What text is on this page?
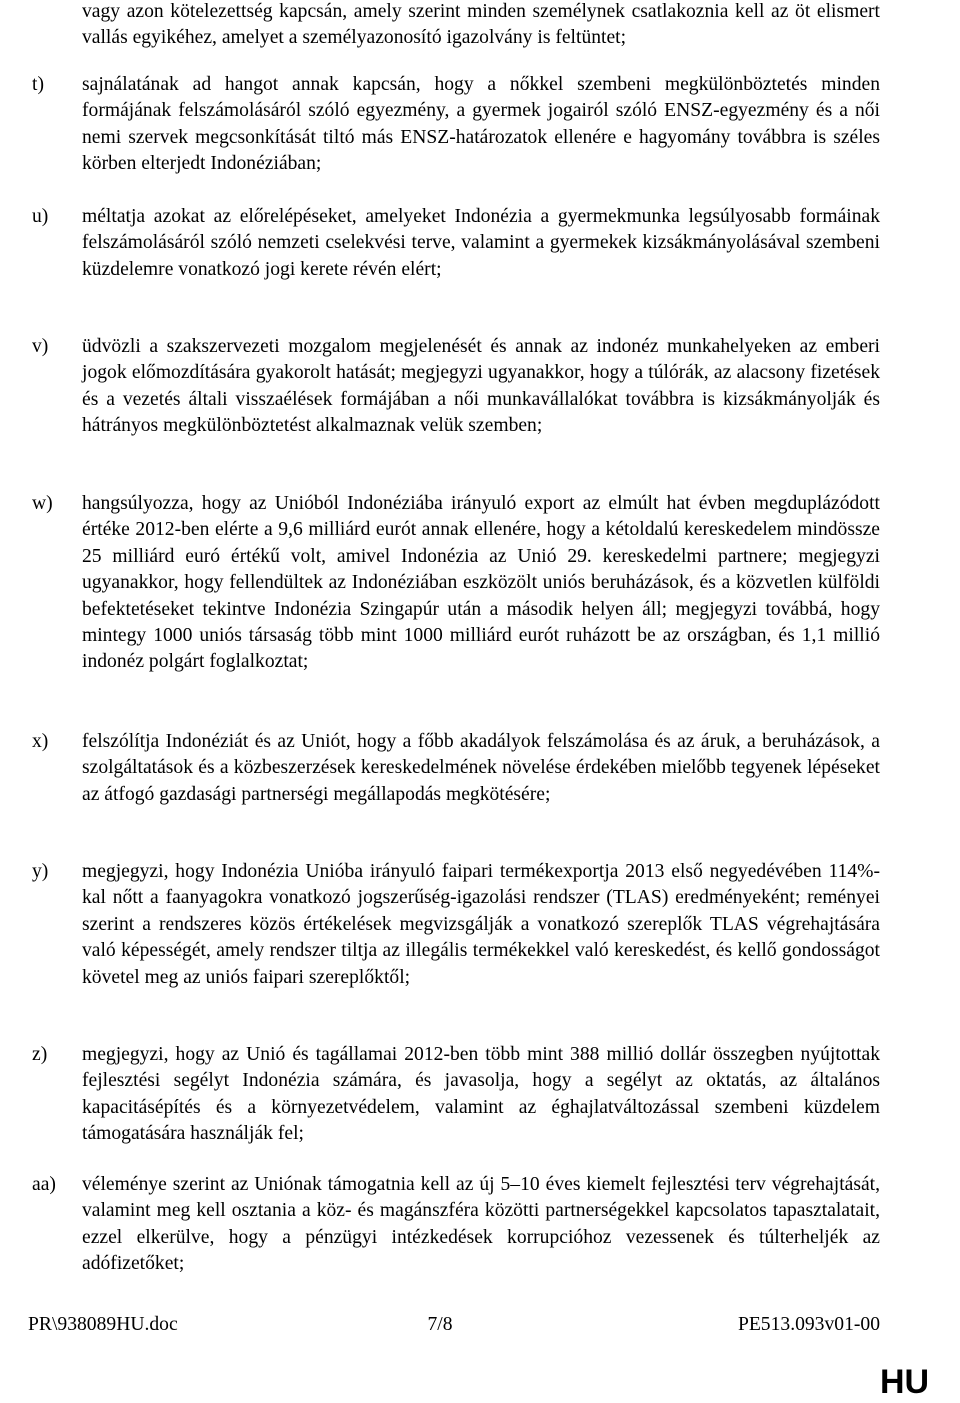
vagy azon kötelezettség kapcsán, amely szerint minden személynek csatlakoznia kell az öt elismert vallás egyikéhez, amelyet a személyazonosító igazolvány is feltüntet;
t)	sajnálatának ad hangot annak kapcsán, hogy a nőkkel szembeni megkülönböztetés minden formájának felszámolásáról szóló egyezmény, a gyermek jogairól szóló ENSZ-egyezmény és a női nemi szervek megcsonkítását tiltó más ENSZ-határozatok ellenére e hagyomány továbbra is széles körben elterjedt Indonéziában;
u)	méltatja azokat az előrelépéseket, amelyeket Indonézia a gyermekmunka legsúlyosabb formáinak felszámolásáról szóló nemzeti cselekvési terve, valamint a gyermekek kizsákmányolásával szembeni küzdelemre vonatkozó jogi kerete révén elért;
v)	üdvözli a szakszervezeti mozgalom megjelenését és annak az indonéz munkahelyeken az emberi jogok előmozdítására gyakorolt hatását; megjegyzi ugyanakkor, hogy a túlórák, az alacsony fizetések és a vezetés általi visszaélések formájában a női munkavállalókat továbbra is kizsákmányolják és hátrányos megkülönböztetést alkalmaznak velük szemben;
w)	hangsúlyozza, hogy az Unióból Indonéziába irányuló export az elmúlt hat évben megduplázódott értéke 2012-ben elérte a 9,6 milliárd eurót annak ellenére, hogy a kétoldalú kereskedelem mindössze 25 milliárd euró értékű volt, amivel Indonézia az Unió 29. kereskedelmi partnere; megjegyzi ugyanakkor, hogy fellendültek az Indonéziában eszközölt uniós beruházások, és a közvetlen külföldi befektetéseket tekintve Indonézia Szingapúr után a második helyen áll; megjegyzi továbbá, hogy mintegy 1000 uniós társaság több mint 1000 milliárd eurót ruházott be az országban, és 1,1 millió indonéz polgárt foglalkoztat;
x)	felszólítja Indonéziát és az Uniót, hogy a főbb akadályok felszámolása és az áruk, a beruházások, a szolgáltatások és a közbeszerzések kereskedelmének növelése érdekében mielőbb tegyenek lépéseket az átfogó gazdasági partnerségi megállapodás megkötésére;
y)	megjegyzi, hogy Indonézia Unióba irányuló faipari termékexportja 2013 első negyedévében 114%-kal nőtt a faanyagokra vonatkozó jogszerűség-igazolási rendszer (TLAS) eredményeként; reményei szerint a rendszeres közös értékelések megvizsgálják a vonatkozó szereplők TLAS végrehajtására való képességét, amely rendszer tiltja az illegális termékekkel való kereskedést, és kellő gondosságot követel meg az uniós faipari szereplőktől;
z)	megjegyzi, hogy az Unió és tagállamai 2012-ben több mint 388 millió dollár összegben nyújtottak fejlesztési segélyt Indonézia számára, és javasolja, hogy a segélyt az oktatás, az általános kapacitásépítés és a környezetvédelem, valamint az éghajlatváltozással szembeni küzdelem támogatására használják fel;
aa)	véleménye szerint az Uniónak támogatnia kell az új 5–10 éves kiemelt fejlesztési terv végrehajtását, valamint meg kell osztania a köz- és magánszféra közötti partnerségekkel kapcsolatos tapasztalatait, ezzel elkerülve, hogy a pénzügyi intézkedések korrupcióhoz vezessenek és túlterheljék az adófizetőket;
PR\938089HU.doc	7/8	PE513.093v01-00
HU
